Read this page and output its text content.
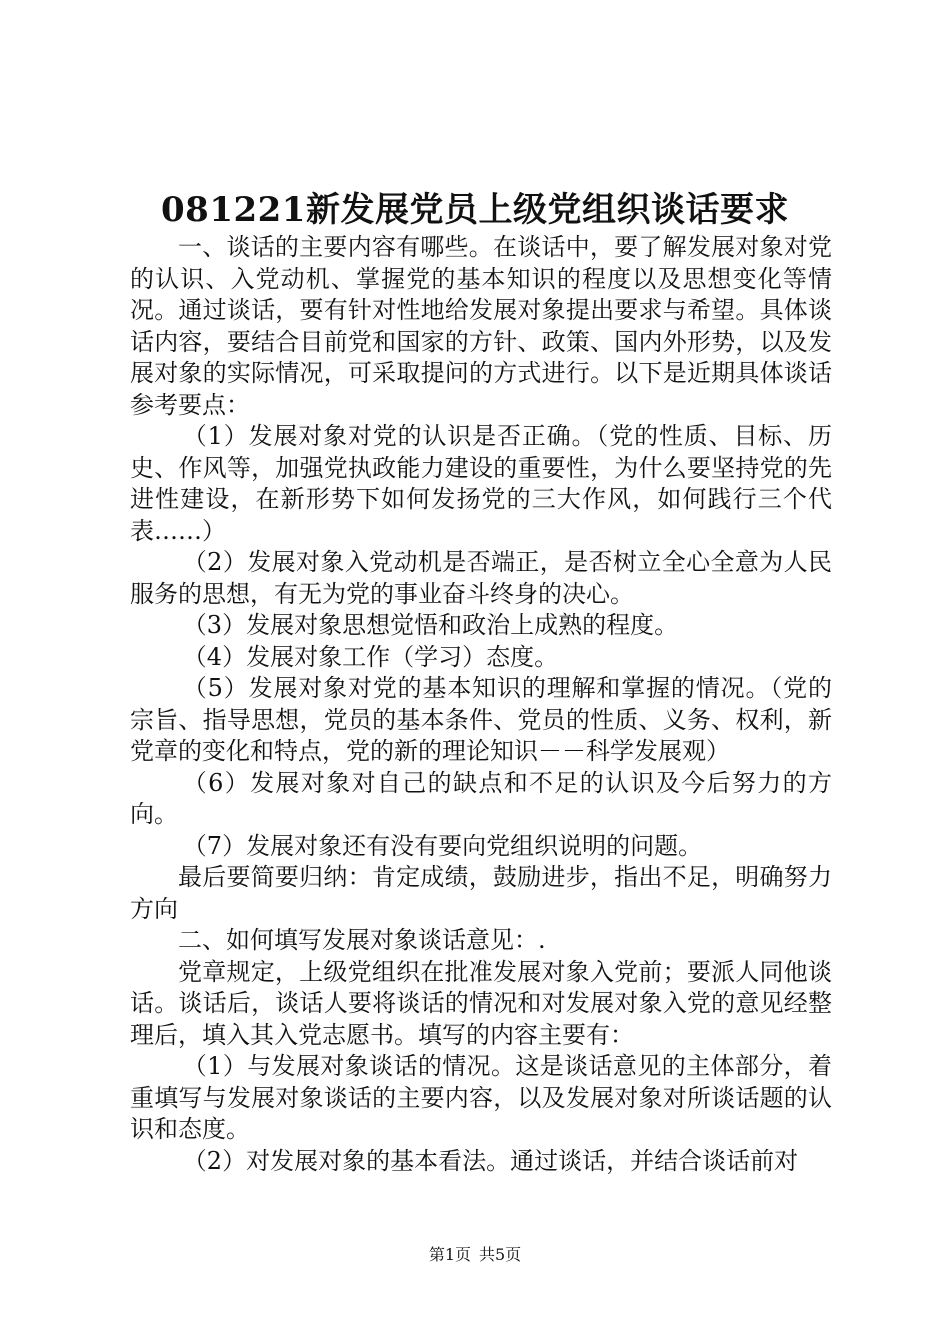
081221新发展党员上级党组织谈话要求

一、谈话的主要内容有哪些。在谈话中，要了解发展对象对党的认识、入党动机、掌握党的基本知识的程度以及思想变化等情况。通过谈话，要有针对性地给发展对象提出要求与希望。具体谈话内容，要结合目前党和国家的方针、政策、国内外形势，以及发展对象的实际情况，可采取提问的方式进行。以下是近期具体谈话参考要点：

（1）发展对象对党的认识是否正确。（党的性质、目标、历史、作风等，加强党执政能力建设的重要性，为什么要坚持党的先进性建设，在新形势下如何发扬党的三大作风，如何践行三个代表……）

（2）发展对象入党动机是否端正，是否树立全心全意为人民服务的思想，有无为党的事业奋斗终身的决心。

（3）发展对象思想觉悟和政治上成熟的程度。

（4）发展对象工作（学习）态度。

（5）发展对象对党的基本知识的理解和掌握的情况。（党的宗旨、指导思想，党员的基本条件、党员的性质、义务、权利，新党章的变化和特点，党的新的理论知识－－科学发展观）

（6）发展对象对自己的缺点和不足的认识及今后努力的方向。

（7）发展对象还有没有要向党组织说明的问题。

最后要简要归纳：肯定成绩，鼓励进步，指出不足，明确努力方向

二、如何填写发展对象谈话意见：.

党章规定，上级党组织在批准发展对象入党前；要派人同他谈话。谈话后，谈话人要将谈话的情况和对发展对象入党的意见经整理后，填入其入党志愿书。填写的内容主要有：

（1）与发展对象谈话的情况。这是谈话意见的主体部分，着重填写与发展对象谈话的主要内容，以及发展对象对所谈话题的认识和态度。

（2）对发展对象的基本看法。通过谈话，并结合谈话前对

第1页 共5页
